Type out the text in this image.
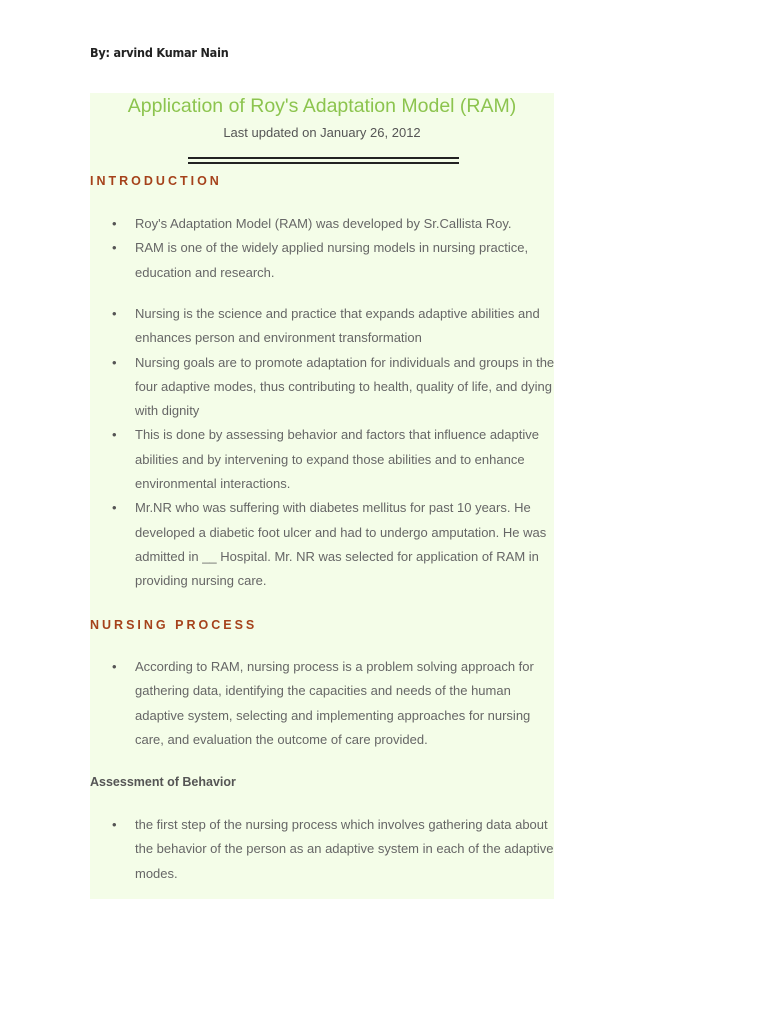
By: arvind Kumar Nain
Application of Roy's Adaptation Model (RAM)
Last updated on January 26, 2012
INTRODUCTION
• Roy's Adaptation Model (RAM) was developed by Sr.Callista Roy.
• RAM is one of the widely applied nursing models in nursing practice, education and research.
• Nursing is the science and practice that expands adaptive abilities and enhances person and environment transformation
• Nursing goals are to promote adaptation for individuals and groups in the four adaptive modes, thus contributing to health, quality of life, and dying with dignity
• This is done by assessing behavior and factors that influence adaptive abilities and by intervening to expand those abilities and to enhance environmental interactions.
• Mr.NR who was suffering with diabetes mellitus for past 10 years. He developed a diabetic foot ulcer and had to undergo amputation. He was admitted in __ Hospital. Mr. NR was selected for application of RAM in providing nursing care.
NURSING PROCESS
• According to RAM, nursing process is a problem solving approach for gathering data, identifying the capacities and needs of the human adaptive system, selecting and implementing approaches for nursing care, and evaluation the outcome of care provided.
Assessment of Behavior
• the first step of the nursing process which involves gathering data about the behavior of the person as an adaptive system in each of the adaptive modes.
